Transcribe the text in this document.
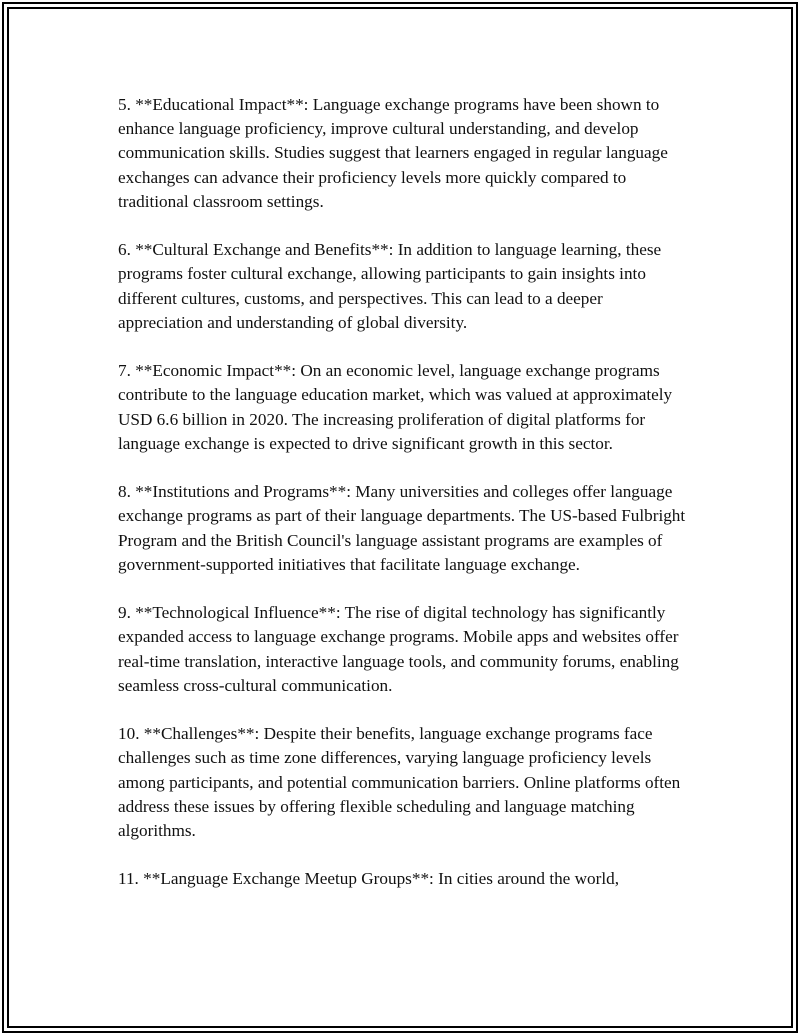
5. **Educational Impact**: Language exchange programs have been shown to enhance language proficiency, improve cultural understanding, and develop communication skills. Studies suggest that learners engaged in regular language exchanges can advance their proficiency levels more quickly compared to traditional classroom settings.

6. **Cultural Exchange and Benefits**: In addition to language learning, these programs foster cultural exchange, allowing participants to gain insights into different cultures, customs, and perspectives. This can lead to a deeper appreciation and understanding of global diversity.

7. **Economic Impact**: On an economic level, language exchange programs contribute to the language education market, which was valued at approximately USD 6.6 billion in 2020. The increasing proliferation of digital platforms for language exchange is expected to drive significant growth in this sector.

8. **Institutions and Programs**: Many universities and colleges offer language exchange programs as part of their language departments. The US-based Fulbright Program and the British Council's language assistant programs are examples of government-supported initiatives that facilitate language exchange.

9. **Technological Influence**: The rise of digital technology has significantly expanded access to language exchange programs. Mobile apps and websites offer real-time translation, interactive language tools, and community forums, enabling seamless cross-cultural communication.

10. **Challenges**: Despite their benefits, language exchange programs face challenges such as time zone differences, varying language proficiency levels among participants, and potential communication barriers. Online platforms often address these issues by offering flexible scheduling and language matching algorithms.

11. **Language Exchange Meetup Groups**: In cities around the world,
